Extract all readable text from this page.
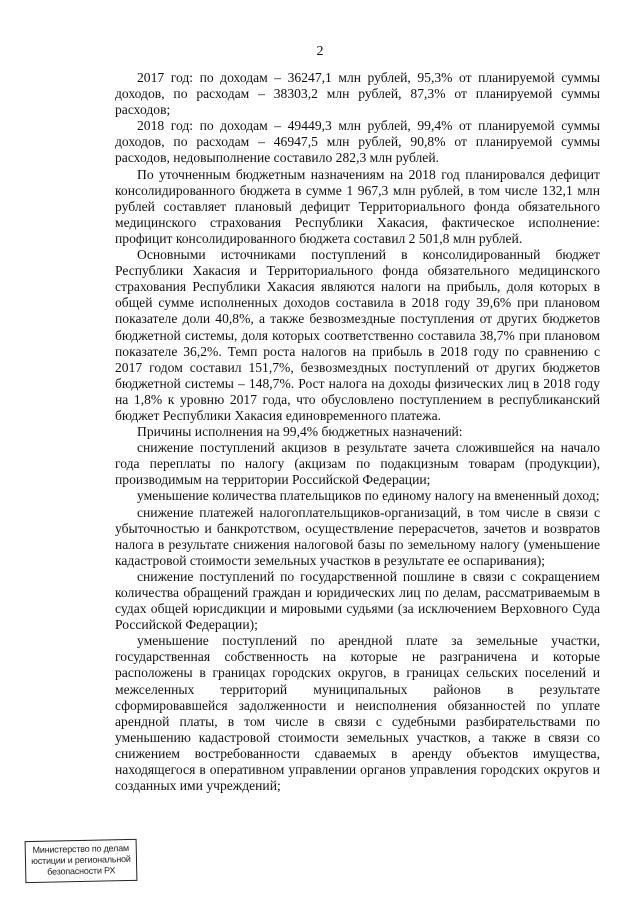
2

2017 год: по доходам – 36247,1 млн рублей, 95,3% от планируемой суммы доходов, по расходам – 38303,2 млн рублей, 87,3% от планируемой суммы расходов;

2018 год: по доходам – 49449,3 млн рублей, 99,4% от планируемой суммы доходов, по расходам – 46947,5 млн рублей, 90,8% от планируемой суммы расходов, недовыполнение составило 282,3 млн рублей.

По уточненным бюджетным назначениям на 2018 год планировался дефицит консолидированного бюджета в сумме 1 967,3 млн рублей, в том числе 132,1 млн рублей составляет плановый дефицит Территориального фонда обязательного медицинского страхования Республики Хакасия, фактическое исполнение: профицит консолидированного бюджета составил 2 501,8 млн рублей.

Основными источниками поступлений в консолидированный бюджет Республики Хакасия и Территориального фонда обязательного медицинского страхования Республики Хакасия являются налоги на прибыль, доля которых в общей сумме исполненных доходов составила в 2018 году 39,6% при плановом показателе доли 40,8%, а также безвозмездные поступления от других бюджетов бюджетной системы, доля которых соответственно составила 38,7% при плановом показателе 36,2%. Темп роста налогов на прибыль в 2018 году по сравнению с 2017 годом составил 151,7%, безвозмездных поступлений от других бюджетов бюджетной системы – 148,7%. Рост налога на доходы физических лиц в 2018 году на 1,8% к уровню 2017 года, что обусловлено поступлением в республиканский бюджет Республики Хакасия единовременного платежа.

Причины исполнения на 99,4% бюджетных назначений:

снижение поступлений акцизов в результате зачета сложившейся на начало года переплаты по налогу (акцизам по подакцизным товарам (продукции), производимым на территории Российской Федерации;

уменьшение количества плательщиков по единому налогу на вмененный доход;

снижение платежей налогоплательщиков-организаций, в том числе в связи с убыточностью и банкротством, осуществление перерасчетов, зачетов и возвратов налога в результате снижения налоговой базы по земельному налогу (уменьшение кадастровой стоимости земельных участков в результате ее оспаривания);

снижение поступлений по государственной пошлине в связи с сокращением количества обращений граждан и юридических лиц по делам, рассматриваемым в судах общей юрисдикции и мировыми судьями (за исключением Верховного Суда Российской Федерации);

уменьшение поступлений по арендной плате за земельные участки, государственная собственность на которые не разграничена и которые расположены в границах городских округов, в границах сельских поселений и межселенных территорий муниципальных районов в результате сформировавшейся задолженности и неисполнения обязанностей по уплате арендной платы, в том числе в связи с судебными разбирательствами по уменьшению кадастровой стоимости земельных участков, а также в связи со снижением востребованности сдаваемых в аренду объектов имущества, находящегося в оперативном управлении органов управления городских округов и созданных ими учреждений;

Министерство по делам
юстиции и региональной
безопасности РХ
